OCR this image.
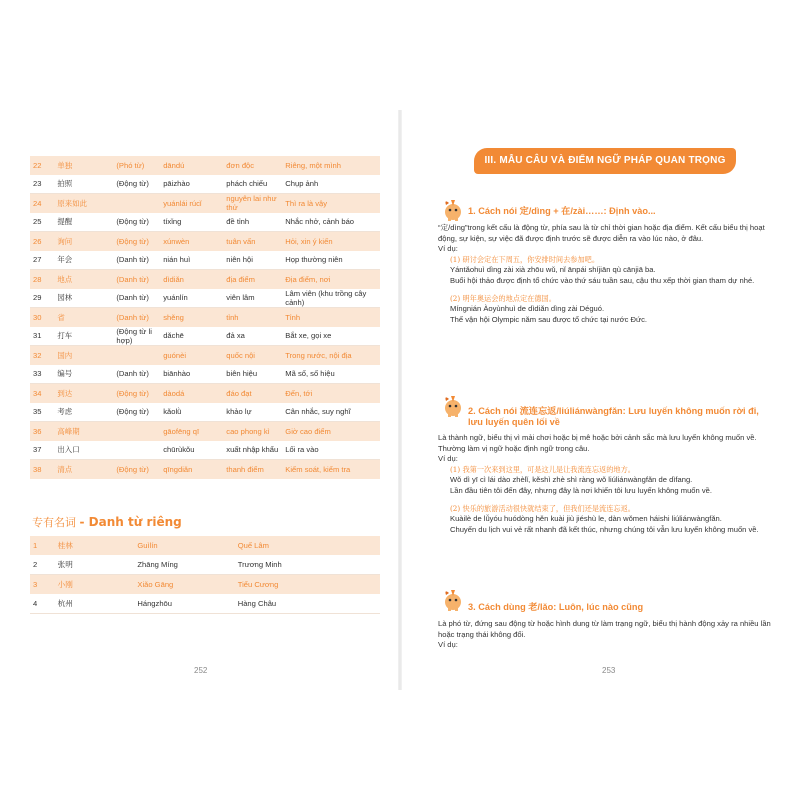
22	单独	(Phó từ)	dāndú	đơn độc	Riêng, một mình
23	拍照	(Động từ)	pāizhào	phách chiếu	Chụp ảnh
24	原来如此		yuánlái rúcǐ	nguyên lai như thử	Thì ra là vậy
25	提醒	(Động từ)	tíxǐng	đề tỉnh	Nhắc nhở, cảnh báo
26	询问	(Động từ)	xúnwèn	tuân vấn	Hỏi, xin ý kiến
27	年会	(Danh từ)	nián huì	niên hội	Họp thường niên
28	地点	(Danh từ)	dìdiǎn	địa điểm	Địa điểm, nơi
29	园林	(Danh từ)	yuánlín	viên lâm	Lâm viên (khu trồng cây cảnh)
30	省	(Danh từ)	shěng	tỉnh	Tỉnh
31	打车	(Động từ li hợp)	dǎchē	đả xa	Bắt xe, gọi xe
32	国内		guónèi	quốc nội	Trong nước, nội địa
33	编号	(Danh từ)	biānhào	biên hiệu	Mã số, số hiệu
34	到达	(Động từ)	dàodá	đáo đạt	Đến, tới
35	考虑	(Động từ)	kǎolǜ	khảo lự	Cân nhắc, suy nghĩ
36	高峰期		gāofēng qī	cao phong kì	Giờ cao điểm
37	出入口		chūrùkǒu	xuất nhập khẩu	Lối ra vào
38	清点	(Động từ)	qīngdiǎn	thanh điểm	Kiểm soát, kiểm tra
专有名词 - Danh từ riêng
1	桂林	Guìlín	Quế Lâm
2	张明	Zhāng Míng	Trương Minh
3	小刚	Xiǎo Gāng	Tiểu Cương
4	杭州	Hángzhōu	Hàng Châu
252
III. MẪU CÂU VÀ ĐIỂM NGỮ PHÁP QUAN TRỌNG
1. Cách nói 定/dìng + 在/zài……: Định vào...
“定/dìng”trong kết cấu là động từ, phía sau là từ chỉ thời gian hoặc địa điểm. Kết cấu biểu thị hoạt động, sự kiện, sự việc đã được định trước sẽ được diễn ra vào lúc nào, ở đâu.
Ví dụ:
(1) 研讨会定在下周五，你安排时间去参加吧。
Yántǎohuì dìng zài xià zhōu wǔ, nǐ ānpái shíjiān qù cānjiā ba.
Buổi hội thảo được định tổ chức vào thứ sáu tuần sau, cậu thu xếp thời gian tham dự nhé.
(2) 明年奥运会的地点定在德国。
Míngnián Àoyùnhuì de dìdiǎn dìng zài Déguó.
Thế vận hội Olympic năm sau được tổ chức tại nước Đức.
2. Cách nói 流连忘返/liúliánwàngfǎn: Lưu luyến không muốn rời đi, lưu luyến quên lối về
Là thành ngữ, biểu thị vì mải chơi hoặc bị mê hoặc bởi cảnh sắc mà lưu luyến không muốn về. Thường làm vị ngữ hoặc định ngữ trong câu.
Ví dụ:
(1) 我第一次来到这里，可是这儿是让我流连忘返的地方。
Wǒ dì yī cì lái dào zhèlǐ, kěshì zhè shì ràng wǒ liúliánwàngfǎn de dìfang.
Lần đầu tiên tôi đến đây, nhưng đây là nơi khiến tôi lưu luyến không muốn về.
(2) 快乐的旅游活动很快就结束了，但我们还是流连忘返。
Kuàilè de lǚyóu huódòng hěn kuài jiù jiéshù le, dàn wǒmen háishi liúliánwàngfǎn.
Chuyến du lịch vui vẻ rất nhanh đã kết thúc, nhưng chúng tôi vẫn lưu luyến không muốn về.
3. Cách dùng 老/lǎo: Luôn, lúc nào cũng
Là phó từ, đứng sau động từ hoặc hình dung từ làm trạng ngữ, biểu thị hành động xảy ra nhiều lần hoặc trạng thái không đổi.
Ví dụ:
253
